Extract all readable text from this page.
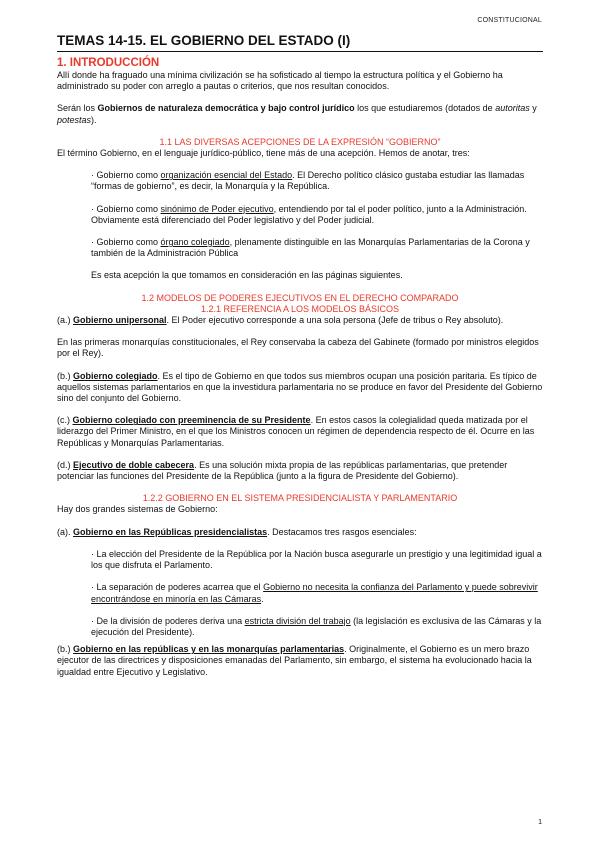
CONSTITUCIONAL
TEMAS 14-15. EL GOBIERNO DEL ESTADO (I)

1. INTRODUCCIÓN

Allí donde ha fraguado una mínima civilización se ha sofisticado al tiempo la estructura política y el Gobierno ha administrado su poder con arreglo a pautas o criterios, que nos resultan conocidos.

Serán los Gobiernos de naturaleza democrática y bajo control jurídico los que estudiaremos (dotados de autoritas y potestas).

1.1 LAS DIVERSAS ACEPCIONES DE LA EXPRESIÓN “GOBIERNO”

El término Gobierno, en el lenguaje jurídico-público, tiene más de una acepción. Hemos de anotar, tres:

· Gobierno como organización esencial del Estado. El Derecho político clásico gustaba estudiar las llamadas “formas de gobierno”, es decir, la Monarquía y la República.

· Gobierno como sinónimo de Poder ejecutivo, entendiendo por tal el poder político, junto a la Administración. Obviamente está diferenciado del Poder legislativo y del Poder judicial.

· Gobierno como órgano colegiado, plenamente distinguible en las Monarquías Parlamentarias de la Corona y también de la Administración Pública

Es esta acepción la que tomamos en consideración en las páginas siguientes.

1.2 MODELOS DE PODERES EJECUTIVOS EN EL DERECHO COMPARADO

1.2.1 REFERENCIA A LOS MODELOS BÁSICOS

(a.) Gobierno unipersonal. El Poder ejecutivo corresponde a una sola persona (Jefe de tribus o Rey absoluto).

En las primeras monarquías constitucionales, el Rey conservaba la cabeza del Gabinete (formado por ministros elegidos por el Rey).

(b.) Gobierno colegiado. Es el tipo de Gobierno en que todos sus miembros ocupan una posición paritaria. Es típico de aquellos sistemas parlamentarios en que la investidura parlamentaria no se produce en favor del Presidente del Gobierno sino del conjunto del Gobierno.

(c.) Gobierno colegiado con preeminencia de su Presidente. En estos casos la colegialidad queda matizada por el liderazgo del Primer Ministro, en el que los Ministros conocen un régimen de dependencia respecto de él. Ocurre en las Repúblicas y Monarquías Parlamentarias.

(d.) Ejecutivo de doble cabecera. Es una solución mixta propia de las repúblicas parlamentarias, que pretender potenciar las funciones del Presidente de la República (junto a la figura de Presidente del Gobierno).

1.2.2 GOBIERNO EN EL SISTEMA PRESIDENCIALISTA Y PARLAMENTARIO

Hay dos grandes sistemas de Gobierno:

(a). Gobierno en las Repúblicas presidencialistas. Destacamos tres rasgos esenciales:

· La elección del Presidente de la República por la Nación busca asegurarle un prestigio y una legitimidad igual a los que disfruta el Parlamento.

· La separación de poderes acarrea que el Gobierno no necesita la confianza del Parlamento y puede sobrevivir encontrándose en minoría en las Cámaras.

· De la división de poderes deriva una estricta división del trabajo (la legislación es exclusiva de las Cámaras y la ejecución del Presidente).

(b.) Gobierno en las repúblicas y en las monarquías parlamentarias. Originalmente, el Gobierno es un mero brazo ejecutor de las directrices y disposiciones emanadas del Parlamento, sin embargo, el sistema ha evolucionado hacia la igualdad entre Ejecutivo y Legislativo.

1
